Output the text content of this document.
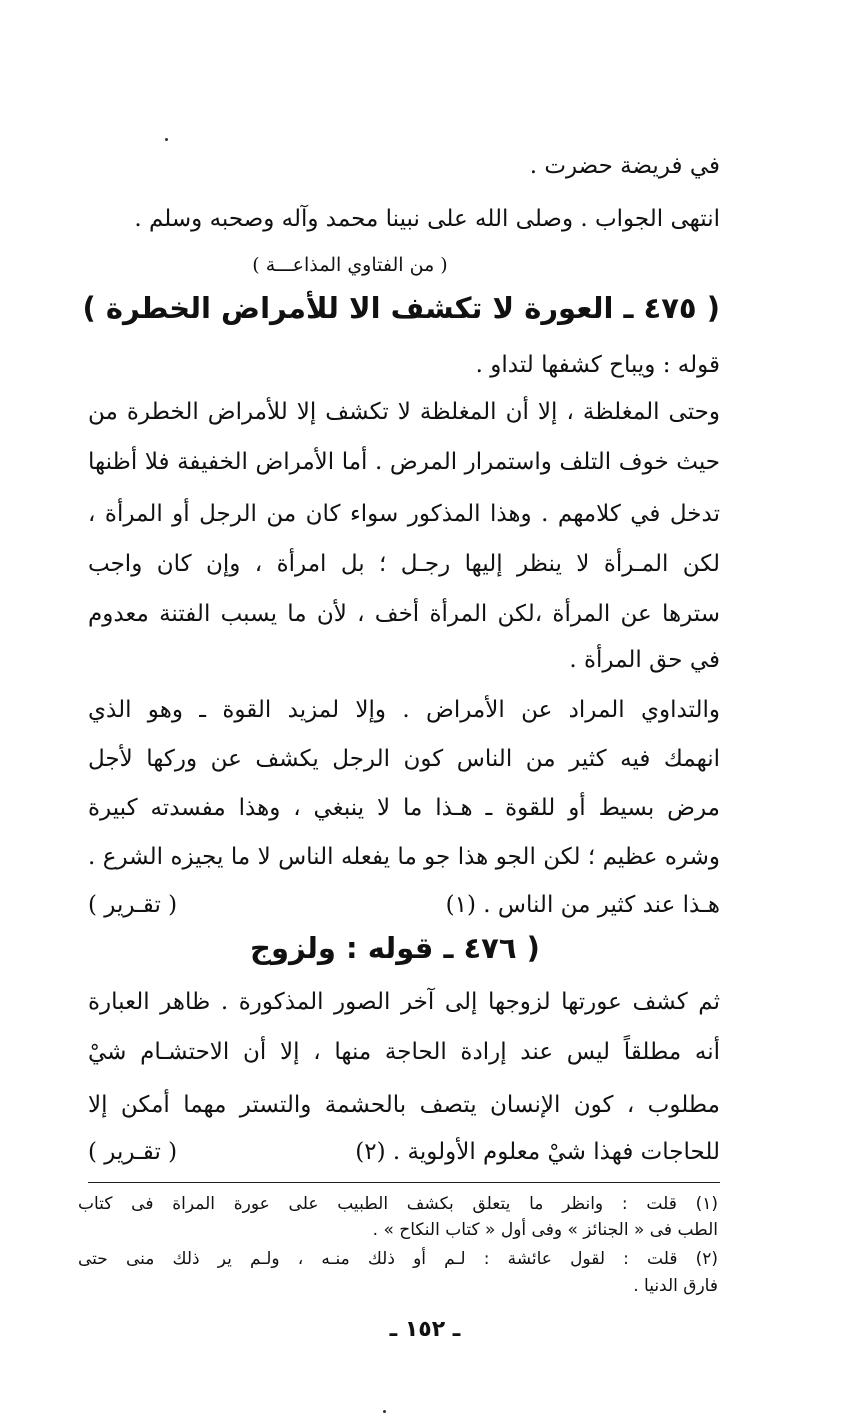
في فريضة حضرت .
انتهى الجواب . وصلى الله على نبينا محمد وآله وصحبه وسلم .
( من الفتاوي المذاعـــة )
( ٤٧٥ ـ العورة لا تكشف الا للأمراض الخطرة )
قوله : ويباح كشفها لتداو .
وحتى المغلظة ، إلا أن المغلظة لا تكشف إلا للأمراض الخطرة من
حيث خوف التلف واستمرار المرض . أما الأمراض الخفيفة فلا أظنها
تدخل في كلامهم . وهذا المذكور سواء كان من الرجل أو المرأة ،
لكن المـرأة لا ينظر إليها رجـل ؛ بل امرأة ، وإن كان واجب
سترها عن المرأة ،لكن المرأة أخف ، لأن ما يسبب الفتنة معدوم
في حق المرأة .
والتداوي المراد عن الأمراض . وإلا لمزيد القوة ـ وهو الذي
انهمك فيه كثير من الناس كون الرجل يكشف عن وركها لأجل
مرض بسيط أو للقوة ـ هـذا ما لا ينبغي ، وهذا مفسدته كبيرة
وشره عظيم ؛ لكن الجو هذا جو ما يفعله الناس لا ما يجيزه الشرع .
هـذا عند كثير من الناس . (١)
( تقـرير )
( ٤٧٦ ـ قوله : ولزوج
ثم كشف عورتها لزوجها إلى آخر الصور المذكورة . ظاهر العبارة
أنه مطلقاً ليس عند إرادة الحاجة منها ، إلا أن الاحتشـام شيْ
مطلوب ، كون الإنسان يتصف بالحشمة والتستر مهما أمكن إلا
للحاجات فهذا شيْ معلوم الأولوية . (٢)
( تقـرير )
(١) قلت : وانظر ما يتعلق بكشف الطبيب على عورة المراة فى كتاب
الطب فى « الجنائز » وفى أول « كتاب النكاح » .
(٢) قلت : لقول عائشة : لـم أو ذلك منـه ، ولـم ير ذلك منى حتى
فارق الدنيا .
ـ ١٥٢ ـ
